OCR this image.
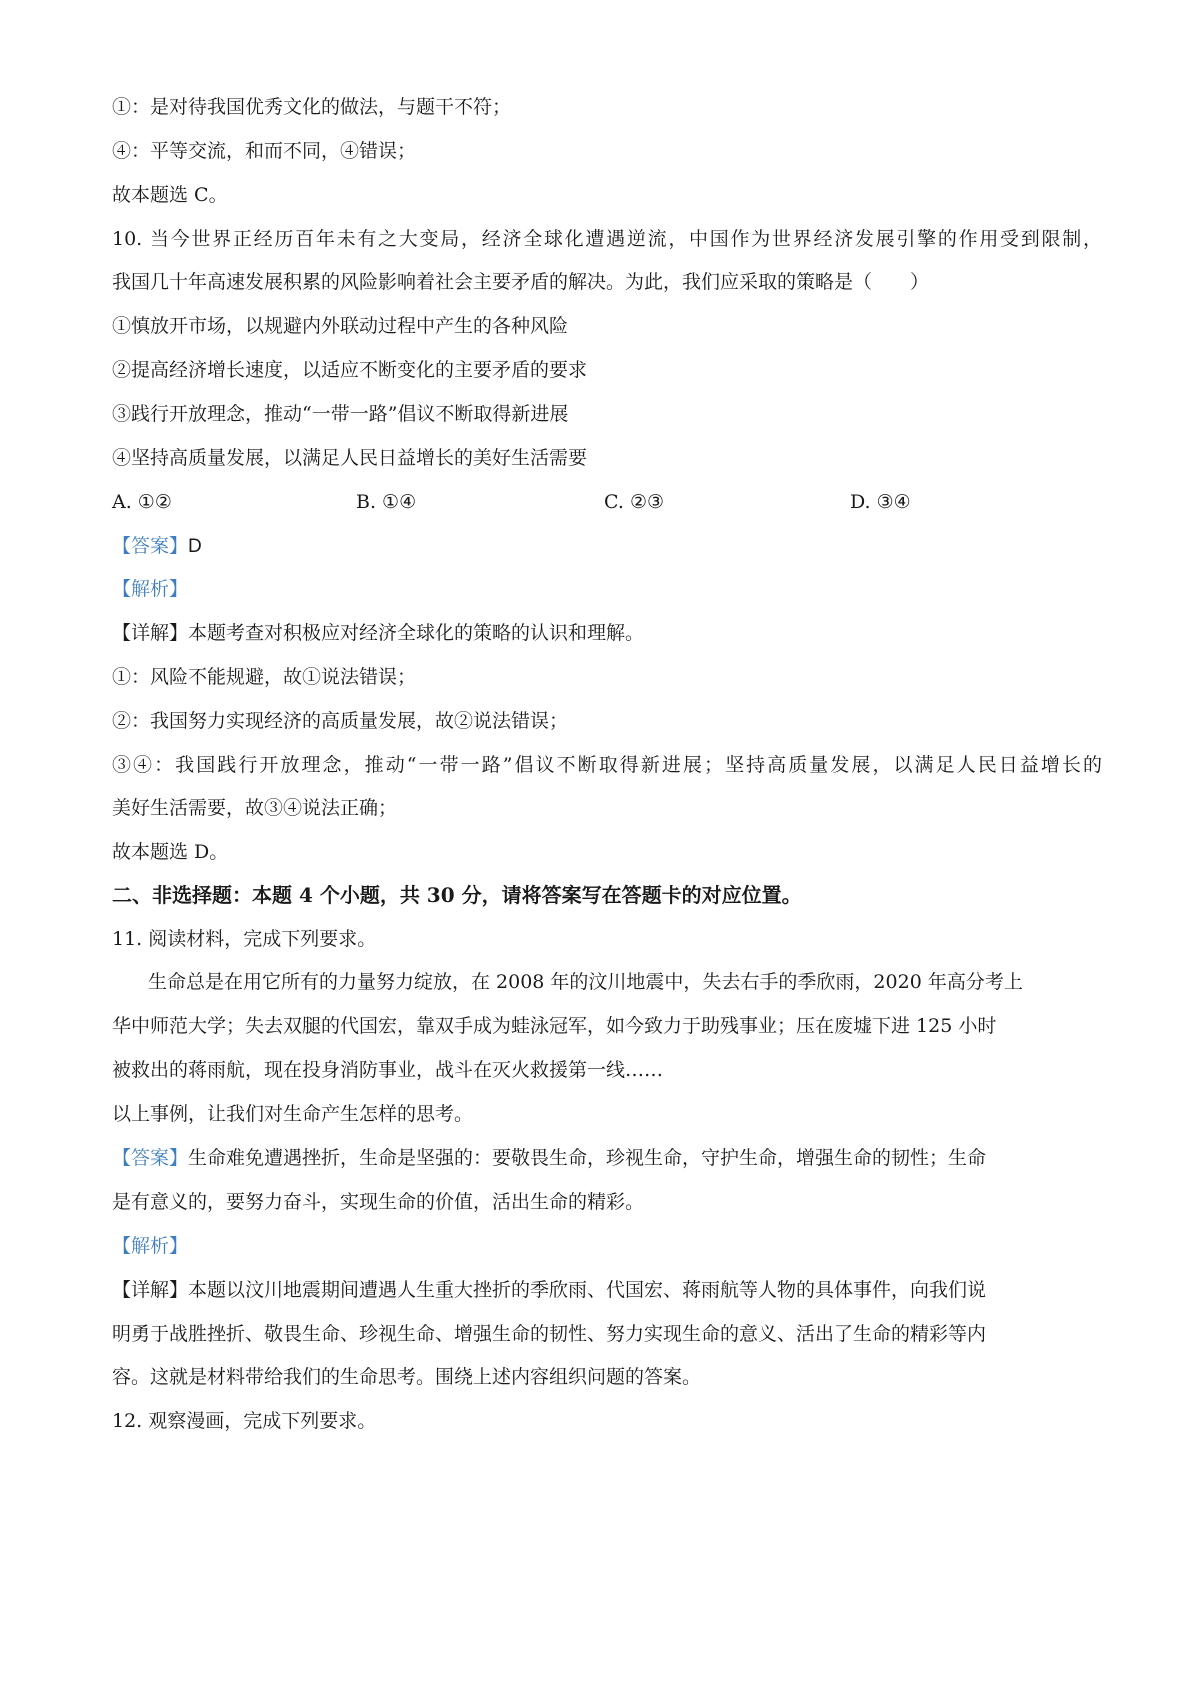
①：是对待我国优秀文化的做法，与题干不符；
④：平等交流，和而不同，④错误；
故本题选 C。
10. 当今世界正经历百年未有之大变局，经济全球化遭遇逆流，中国作为世界经济发展引擎的作用受到限制，
我国几十年高速发展积累的风险影响着社会主要矛盾的解决。为此，我们应采取的策略是（　　）
①慎放开市场，以规避内外联动过程中产生的各种风险
②提高经济增长速度，以适应不断变化的主要矛盾的要求
③践行开放理念，推动“一带一路”倡议不断取得新进展
④坚持高质量发展，以满足人民日益增长的美好生活需要
A. ①②	B. ①④	C. ②③	D. ③④
【答案】D
【解析】
【详解】本题考查对积极应对经济全球化的策略的认识和理解。
①：风险不能规避，故①说法错误；
②：我国努力实现经济的高质量发展，故②说法错误；
③④：我国践行开放理念，推动“一带一路”倡议不断取得新进展；坚持高质量发展，以满足人民日益增长的
美好生活需要，故③④说法正确；
故本题选 D。
二、非选择题：本题 4 个小题，共 30 分，请将答案写在答题卡的对应位置。
11. 阅读材料，完成下列要求。
生命总是在用它所有的力量努力绽放，在 2008 年的汶川地震中，失去右手的季欣雨，2020 年高分考上
华中师范大学；失去双腿的代国宏，靠双手成为蛙泳冠军，如今致力于助残事业；压在废墟下进 125 小时
被救出的蒋雨航，现在投身消防事业，战斗在灭火救援第一线……
以上事例，让我们对生命产生怎样的思考。
【答案】生命难免遭遇挫折，生命是坚强的：要敬畏生命，珍视生命，守护生命，增强生命的韧性；生命
是有意义的，要努力奋斗，实现生命的价值，活出生命的精彩。
【解析】
【详解】本题以汶川地震期间遭遇人生重大挫折的季欣雨、代国宏、蒋雨航等人物的具体事件，向我们说
明勇于战胜挫折、敬畏生命、珍视生命、增强生命的韧性、努力实现生命的意义、活出了生命的精彩等内
容。这就是材料带给我们的生命思考。围绕上述内容组织问题的答案。
12. 观察漫画，完成下列要求。
